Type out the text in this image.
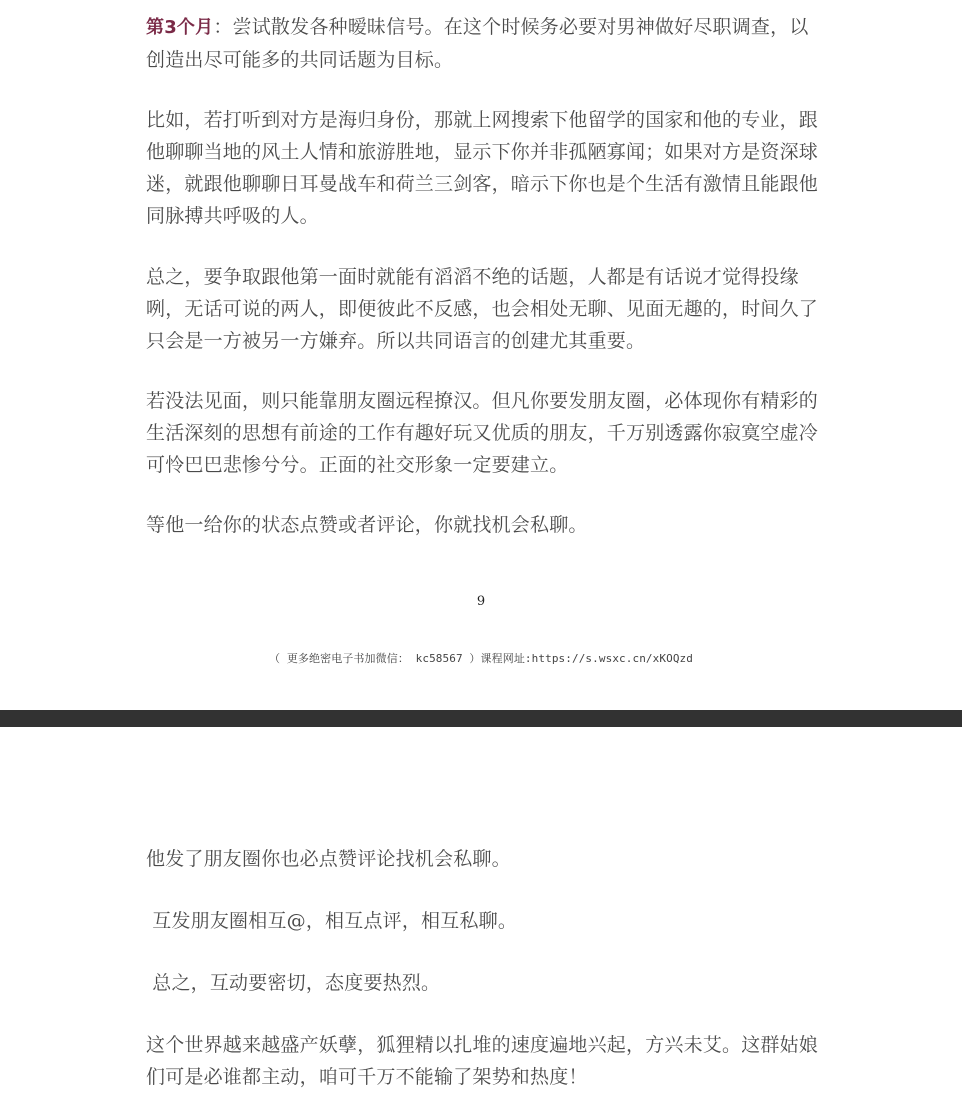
第3个月：尝试散发各种暧昧信号。在这个时候务必要对男神做好尽职调查，以创造出尽可能多的共同话题为目标。

比如，若打听到对方是海归身份，那就上网搜索下他留学的国家和他的专业，跟他聊聊当地的风土人情和旅游胜地，显示下你并非孤陋寡闻；如果对方是资深球迷，就跟他聊聊日耳曼战车和荷兰三剑客，暗示下你也是个生活有激情且能跟他同脉搏共呼吸的人。

总之，要争取跟他第一面时就能有滔滔不绝的话题，人都是有话说才觉得投缘咧，无话可说的两人，即便彼此不反感，也会相处无聊、见面无趣的，时间久了只会是一方被另一方嫌弃。所以共同语言的创建尤其重要。

若没法见面，则只能靠朋友圈远程撩汉。但凡你要发朋友圈，必体现你有精彩的生活深刻的思想有前途的工作有趣好玩又优质的朋友，千万别透露你寂寞空虚冷可怜巴巴悲惨兮兮。正面的社交形象一定要建立。

等他一给你的状态点赞或者评论，你就找机会私聊。

9
（ 更多绝密电子书加微信： kc58567 ）课程网址:https://s.wsxc.cn/xKOQzd

他发了朋友圈你也必点赞评论找机会私聊。

互发朋友圈相互@，相互点评，相互私聊。

总之，互动要密切，态度要热烈。

这个世界越来越盛产妖孽，狐狸精以扎堆的速度遍地兴起，方兴未艾。这群姑娘们可是必谁都主动，咱可千万不能输了架势和热度！
